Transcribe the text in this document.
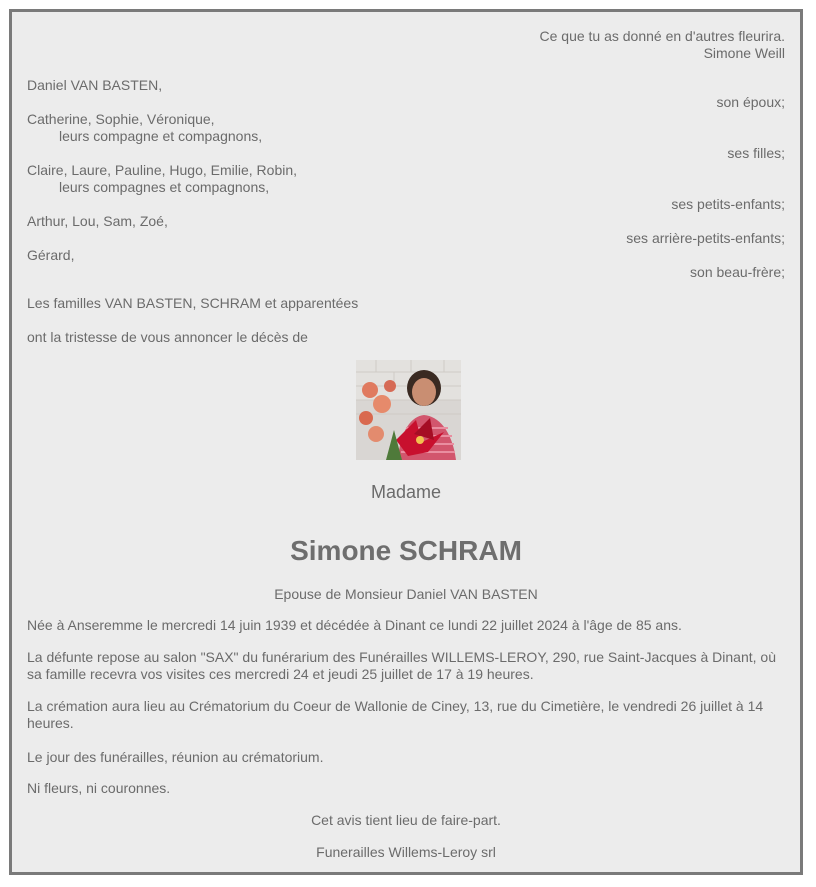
Ce que tu as donné en d'autres fleurira.
Simone Weill
Daniel VAN BASTEN,
son époux;
Catherine, Sophie, Véronique,
leurs compagne et compagnons,
ses filles;
Claire, Laure, Pauline, Hugo, Emilie, Robin,
leurs compagnes et compagnons,
ses petits-enfants;
Arthur, Lou, Sam, Zoé,
ses arrière-petits-enfants;
Gérard,
son beau-frère;
Les familles VAN BASTEN, SCHRAM et apparentées
ont la tristesse de vous annoncer le décès de
Madame
Simone SCHRAM
Epouse de Monsieur Daniel VAN BASTEN
Née à Anseremme le mercredi 14 juin 1939 et décédée à Dinant ce lundi 22 juillet 2024 à l'âge de 85 ans.
La défunte repose au salon "SAX" du funérarium des Funérailles WILLEMS-LEROY, 290, rue Saint-Jacques à Dinant, où sa famille recevra vos visites ces mercredi 24 et jeudi 25 juillet de 17 à 19 heures.
La crémation aura lieu au Crématorium du Coeur de Wallonie de Ciney, 13, rue du Cimetière, le vendredi 26 juillet à 14 heures.
Le jour des funérailles, réunion au crématorium.
Ni fleurs, ni couronnes.
Cet avis tient lieu de faire-part.
Funerailles Willems-Leroy srl
